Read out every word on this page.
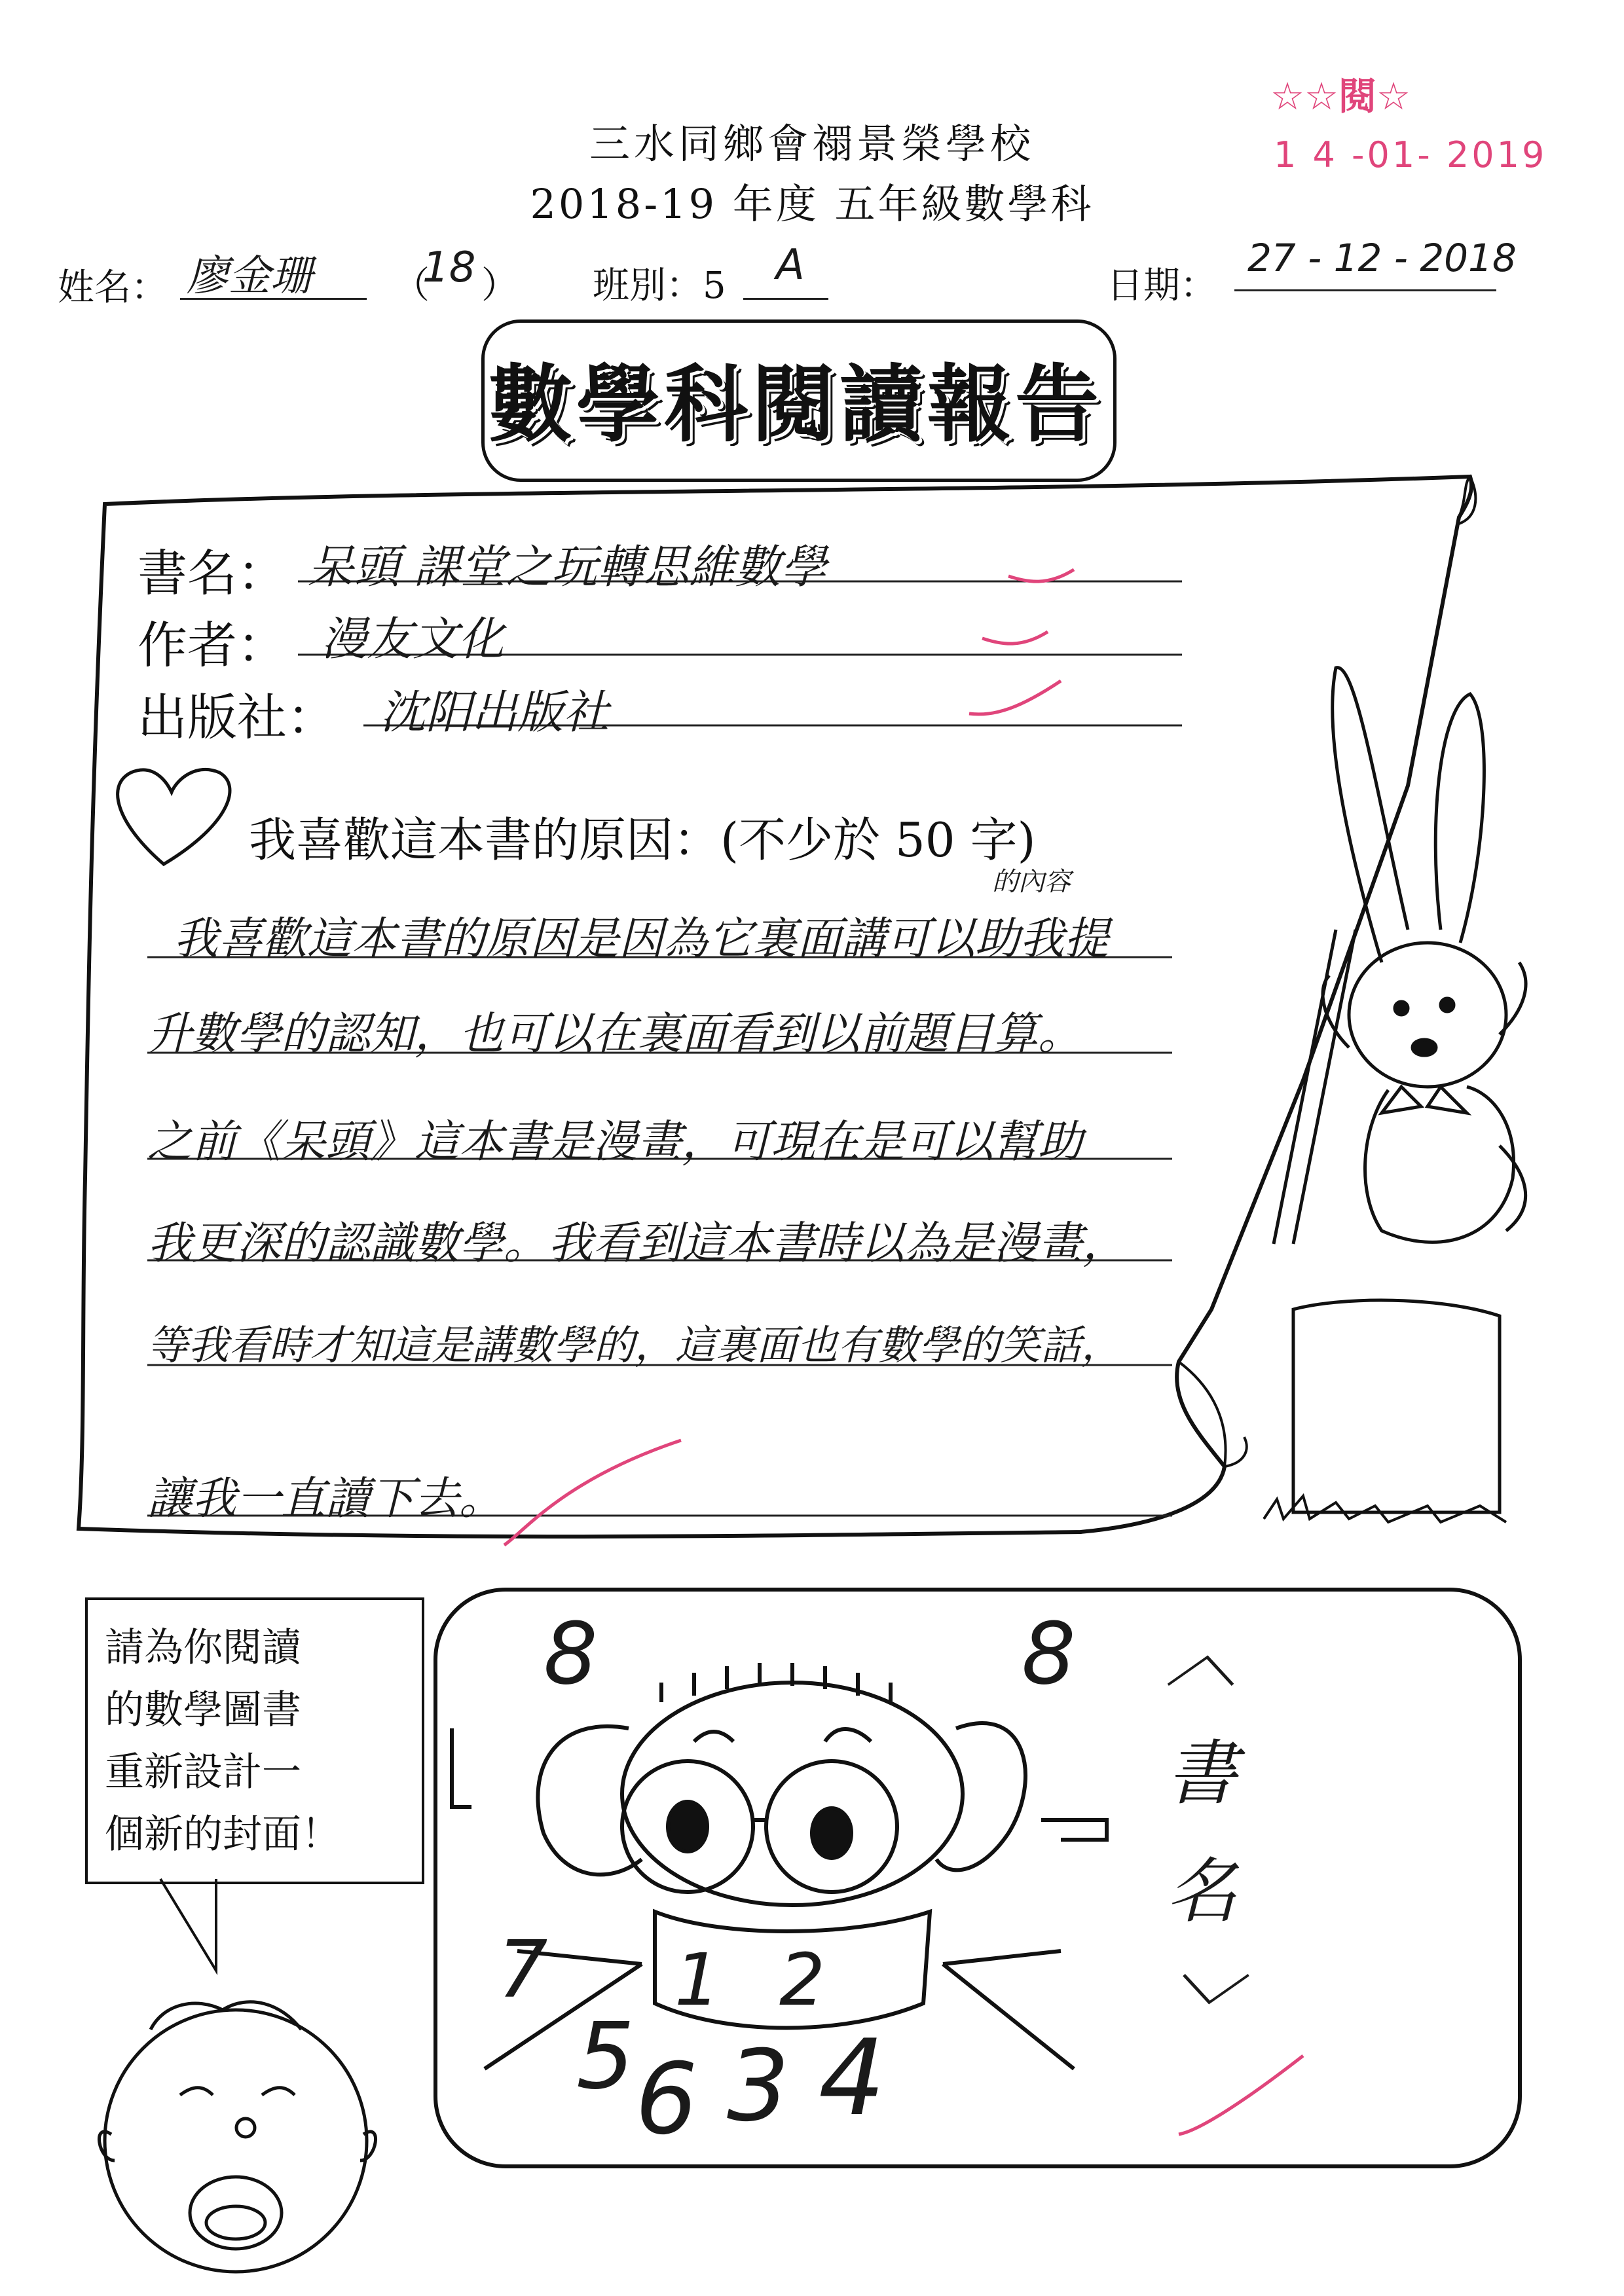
三水同鄉會禤景榮學校
2018-19 年度 五年級數學科
☆☆閱☆
1 4 -01- 2019
姓名： 廖金珊 （
18 ） 班別：5 A	日期：
27 - 12 - 2018
數學科閱讀報告
書名： 呆頭 課堂之玩轉思維數學
作者： 漫友文化
出版社： 沈阳出版社
我喜歡這本書的原因：(不少於 50 字)
的內容
我喜歡這本書的原因是因為它裏面講可以助我提
升數學的認知，也可以在裏面看到以前題目算。
之前《呆頭》這本書是漫畫，可現在是可以幫助
我更深的認識數學。我看到這本書時以為是漫畫，
等我看時才知這是講數學的，這裏面也有數學的笑話，
讓我一直讀下去。
請為你閱讀
的數學圖書
重新設計一
個新的封面！
︿
書
名
﹀
8	8
1 2
5 6 3 4
7
